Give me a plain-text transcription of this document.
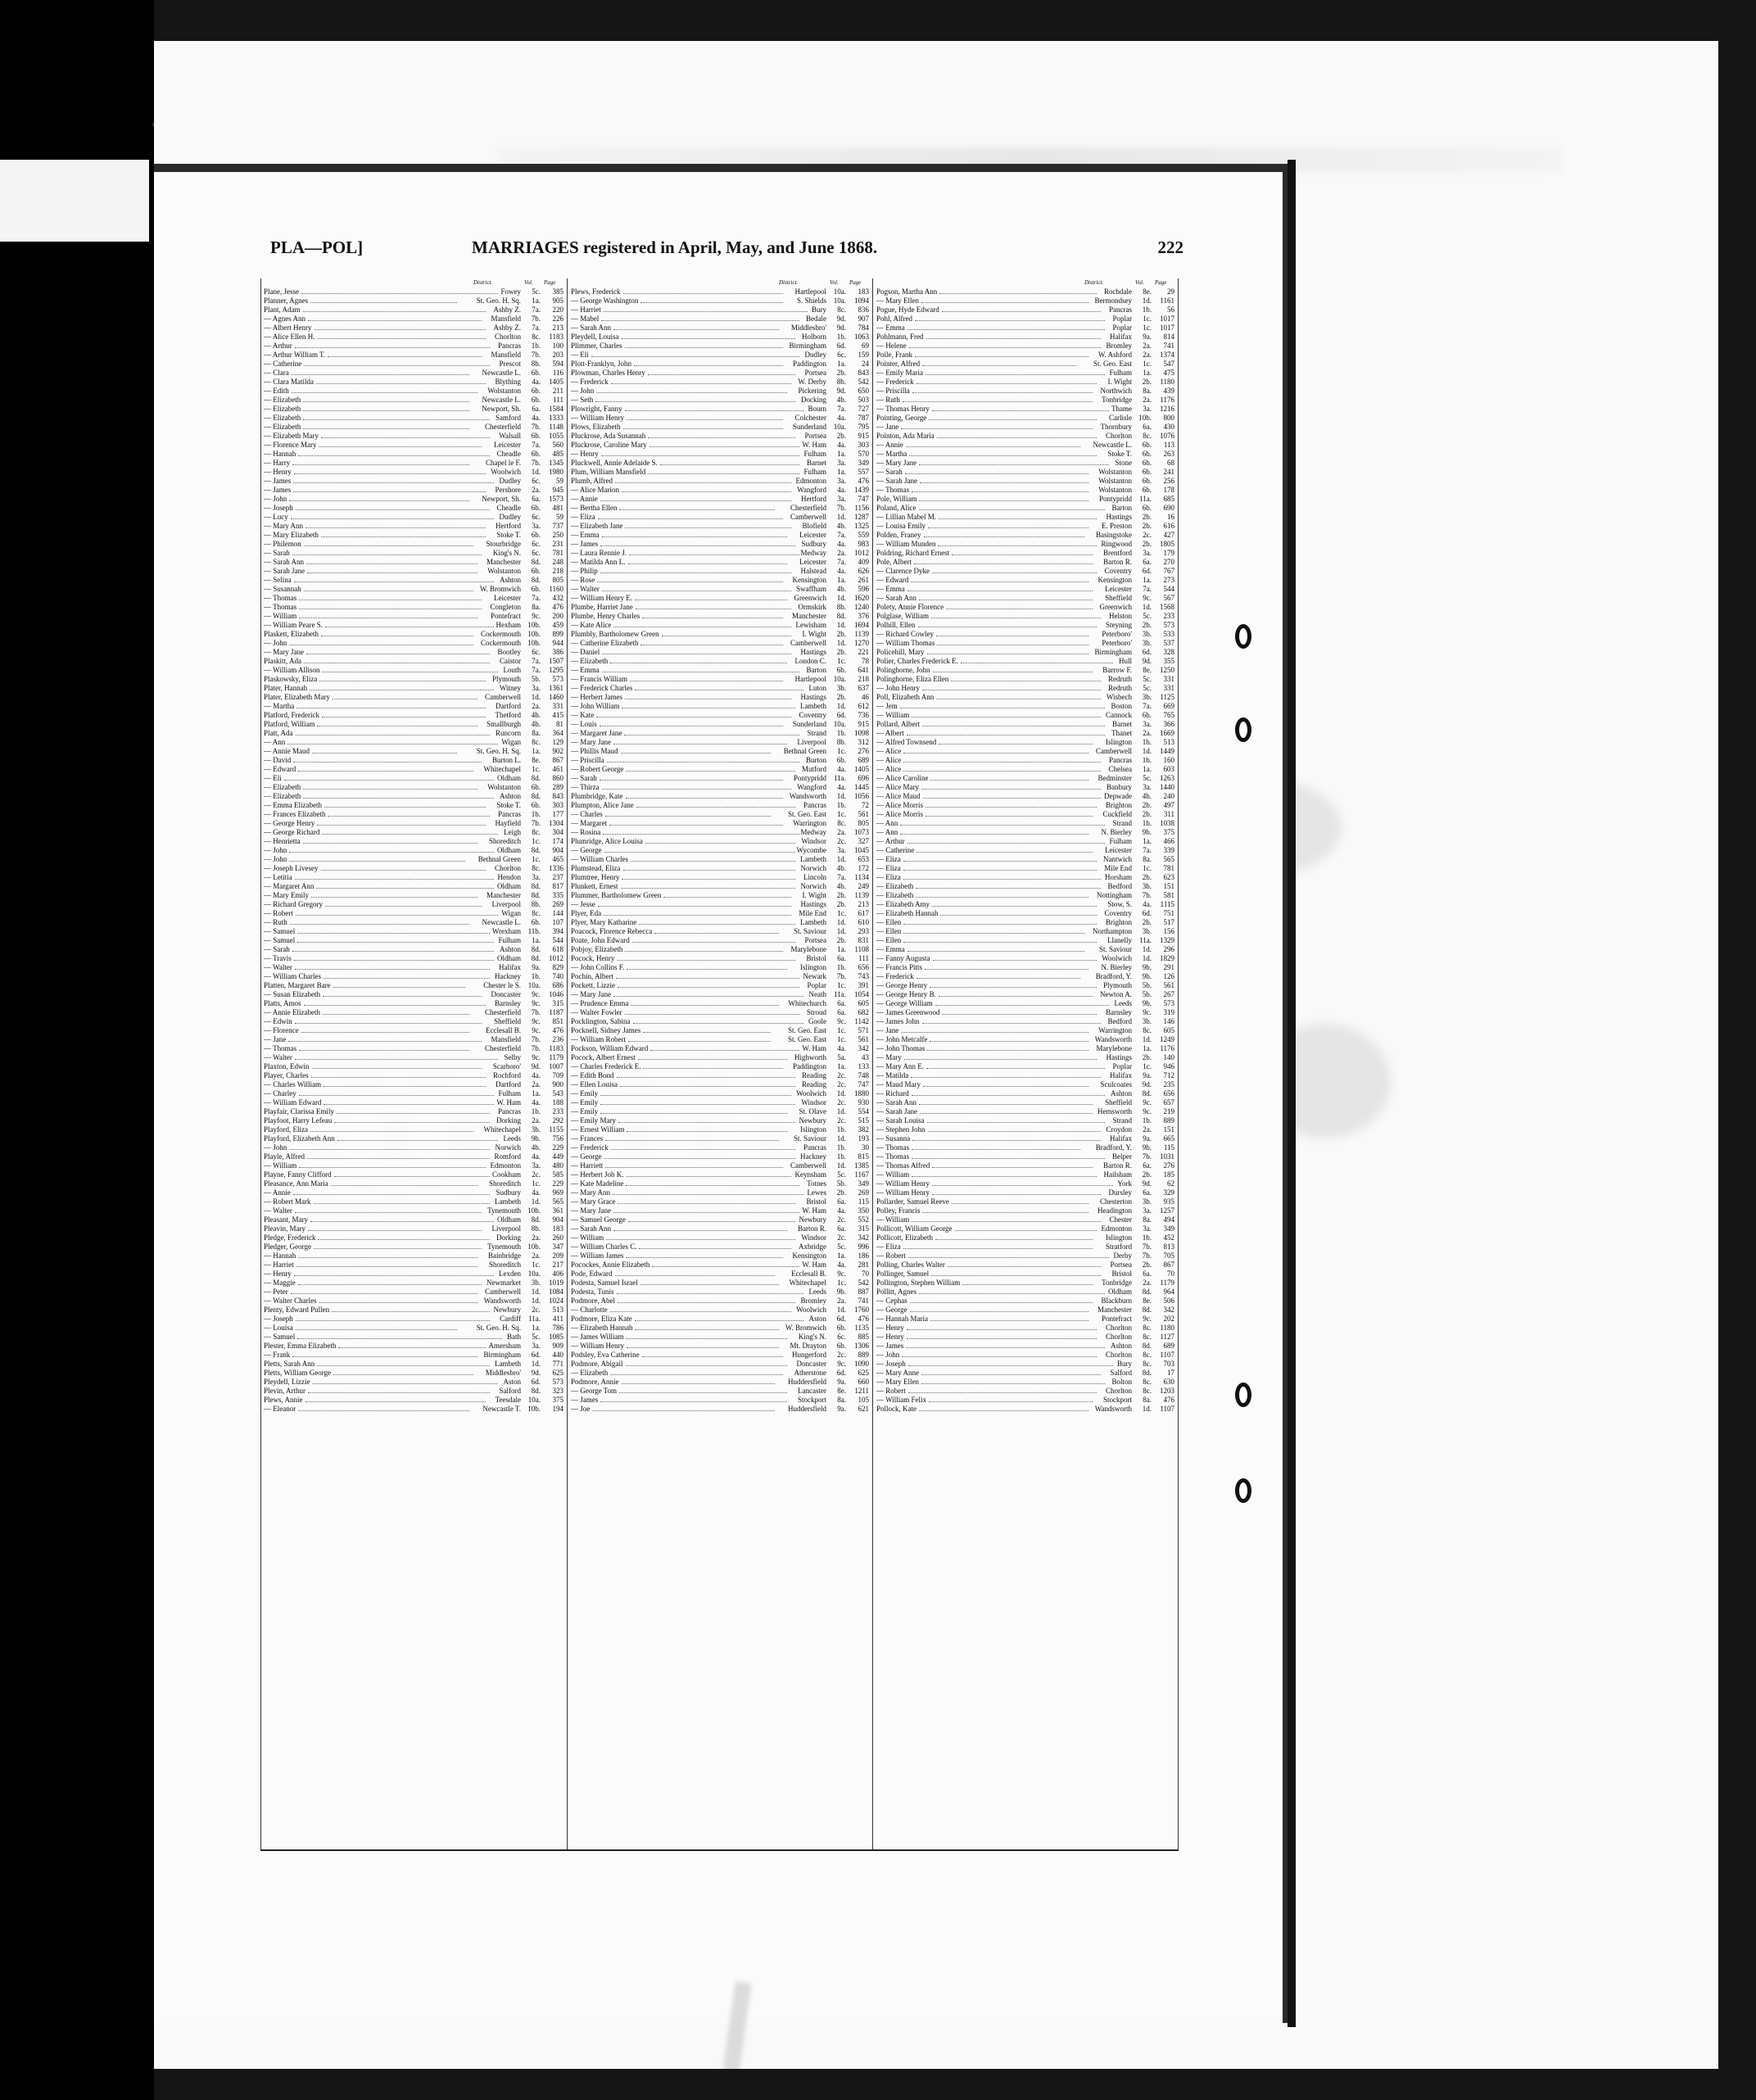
PLA—POL]	MARRIAGES registered in April, May, and June 1868.	222
District.	Vol. Page
Plane, Jesse	Fowey	5c.	385
Planner, Agnes	St. Geo. H. Sq.	1a.	905
Plant, Adam	Ashby Z.	7a.	220
— Agnes Ann	Mansfield	7b.	226
— Albert Henry	Ashby Z.	7a.	213
— Alice Ellen H.	Chorlton	8c.	1183
— Arthur	Pancras	1b.	100
— Arthur William T.	Mansfield	7b.	203
— Catherine	Prescot	8b.	594
— Clara	Newcastle L.	6b.	116
— Clara Matilda	Blything	4a.	1405
— Edith	Wolstanton	6b.	211
— Elizabeth	Newcastle L.	6b.	111
— Elizabeth	Newport, Sh.	6a.	1584
— Elizabeth	Samford	4a.	1333
— Elizabeth	Chesterfield	7b.	1148
— Elizabeth Mary	Walsall	6b.	1055
— Florence Mary	Leicester	7a.	560
— Hannah	Cheadle	6b.	485
— Harry	Chapel le F.	7b.	1345
— Henry	Woolwich	1d.	1980
— James	Dudley	6c.	59
— James	Pershore	2a.	945
— John	Newport, Sh.	6a.	1573
— Joseph	Cheadle	6b.	481
— Lucy	Dudley	6c.	59
— Mary Ann	Hertford	3a.	737
— Mary Elizabeth	Stoke T.	6b.	250
— Philemon	Stourbridge	6c.	231
— Sarah	King's N.	6c.	781
— Sarah Ann	Manchester	8d.	248
— Sarah Jane	Wolstanton	6b.	218
— Selina	Ashton	8d.	805
— Susannah	W. Bromwich	6b.	1160
— Thomas	Leicester	7a.	432
— Thomas	Congleton	8a.	476
— William	Pontefract	9c.	200
— William Peare S.	Hexham 10b.	459
Plaskett, Elizabeth	Cockermouth 10b.	899
— John	Cockermouth 10b.	944
— Mary Jane	Bootley	6c.	386
Plaskitt, Ada	Caistor	7a.	1507
— William Allison	Louth	7a.	1295
Plaskowsky, Eliza	Plymouth	5b.	573
Plater, Hannah	Witney	3a.	1361
Plater, Elizabeth Mary	Camberwell	1d.	1460
— Martha	Dartford	2a.	331
Platford, Frederick	Thetford	4b.	415
Platford, William	Smallburgh	4b.	81
Platt, Ada	Runcorn	8a.	364
— Ann	Wigan	8c.	129
— Annie Maud	St. Geo. H. Sq.	1a.	902
— David	Burton L.	8e.	867
— Edward	Whitechapel	1c.	461
— Eli	Oldham	8d.	860
— Elizabeth	Wolstanton	6b.	289
— Elizabeth	Ashton	8d.	843
— Emma Elizabeth	Stoke T.	6b.	303
— Frances Elizabeth	Pancras	1b.	177
— George Henry	Hayfield	7b.	1304
— George Richard	Leigh	8c.	304
— Henrietta	Shoreditch	1c.	174
— John	Oldham	8d.	904
— John	Bethnal Green	1c.	465
— Joseph Livesey	Chorlton	8c.	1336
— Letitia	Hendon	3a.	237
— Margaret Ann	Oldham	8d.	817
— Mary Emily	Manchester	8d.	335
— Richard Gregory	Liverpool	8b.	269
— Robert	Wigan	8c.	144
— Ruth	Newcastle L.	6b.	107
— Samuel	Wrexham 11b.	394
— Samuel	Fulham	1a.	544
— Sarah	Ashton	8d.	618
— Travis	Oldham	8d.	1012
— Walter	Halifax	9a.	829
— William Charles	Hackney	1b.	740
Platten, Margaret Bare	Chester le S. 10a.	686
— Susan Elizabeth	Doncaster	9c.	1046
Platts, Amos	Barnsley	9c.	315
— Annie Elizabeth	Chesterfield	7b.	1187
— Edwin	Sheffield	9c.	851
— Florence	Ecclesall B.	9c.	476
— Jane	Mansfield	7b.	236
— Thomas	Chesterfield	7b.	1183
— Walter	Selby	9c.	1179
Plaxton, Edwin	Scarboro'	9d.	1007
Player, Charles	Rochford	4a.	709
— Charles William	Dartford	2a.	900
— Charley	Fulham	1a.	543
— William Edward	W. Ham	4a.	188
Playfair, Clarissa Emily	Pancras	1b.	233
Playfoot, Harry Lefeau	Dorking	2a.	292
Playford, Eliza	Whitechapel	3b.	1155
Playford, Elizabeth Ann	Leeds	9b.	756
— John	Norwich	4b.	229
Playle, Alfred	Romford	4a.	449
— William	Edmonton	3a.	480
Playne, Fanny Clifford	Cookham	2c.	585
Pleasance, Ann Maria	Shoreditch	1c.	229
— Annie	Sudbury	4a.	969
— Robert Mark	Lambeth	1d.	565
— Walter	Tynemouth 10b.	361
Pleasant, Mary	Oldham	8d.	904
Pleavin, Mary	Liverpool	8b.	183
Pledge, Frederick	Dorking	2a.	260
Pledger, George	Tynemouth 10b.	347
— Hannah	Bainbridge	2a.	209
— Harriet	Shoreditch	1c.	217
— Henry	Lexden 10a.	406
— Maggie	Newmarket	3b.	1019
— Peter	Camberwell	1d.	1084
— Walter Charles	Wandsworth	1d.	1024
Plenty, Edward Pullen	Newbury	2c.	513
— Joseph	Cardiff	11a.	411
— Louisa	St. Geo. H. Sq.	1a.	786
— Samuel	Bath	5c.	1085
Plester, Emma Elizabeth	Amersham	3a.	909
— Frank	Birmingham	6d.	440
Pletts, Sarah Ann	Lambeth	1d.	771
Pletts, William George	Middlesbro'	9d.	625
Pleydell, Lizzie	Aston	6d.	573
Plevin, Arthur	Salford	8d.	323
Plews, Annie	Teesdale 10a.	375
— Eleanor	Newcastle T. 10b.	194
District.	Vol. Page
Plews, Frederick	Hartlepool 10a.	183
— George Washington	S. Shields 10a.	1094
— Harriet	Bury	8c.	836
— Mabel	Bedale	9d.	907
— Sarah Ann	Middlesbro'	9d.	784
Pleydell, Louisa	Holborn	1b.	1063
Plimmer, Charles	Birmingham	6d.	69
— Eli	Dudley	6c.	159
Plott-Franklyn, John	Paddington	1a.	24
Plowman, Charles Henry	Portsea	2b.	843
— Frederick	W. Derby	8b.	542
— John	Pickering	9d.	650
— Seth	Docking	4b.	503
Plowright, Fanny	Bourn	7a.	727
— William Henry	Colchester	4a.	787
Plows, Elizabeth	Sunderland 10a.	795
Pluckrose, Ada Susannah	Portsea	2b.	915
Pluckrose, Caroline Mary	W. Ham	4a.	303
— Henry	Fulham	1a.	570
Pluckwell, Annie Adelaide S.	Barnet	3a.	349
Plum, William Mansfield	Fulham	1a.	557
Plumb, Alfred	Edmonton	3a.	476
— Alice Marion	Wangford	4a.	1439
— Annie	Hertford	3a.	747
— Bertha Ellen	Chesterfield	7b.	1156
— Eliza	Camberwell	1d.	1287
— Elizabeth Jane	Blofield	4b.	1325
— Emma	Leicester	7a.	559
— James	Sudbury	4a.	983
— Laura Rennie J.	Medway	2a.	1012
— Matilda Ann L.	Leicester	7a.	409
— Philip	Halstead	4a.	626
— Rose	Kensington	1a.	261
— Walter	Swaffham	4b.	596
— William Henry E.	Greenwich	1d.	1620
Plumbe, Harriet Jane	Ormskirk	8b.	1240
Plumbe, Henry Charles	Manchester	8d.	376
— Kate Alice	Lewisham	1d.	1694
Plumbly, Bartholomew Green	I. Wight	2b.	1139
— Catherine Elizabeth	Camberwell	1d.	1270
— Daniel	Hastings	2b.	221
— Elizabeth	London C.	1c.	78
— Emma	Barton	6b.	641
— Francis William	Hartlepool 10a.	218
— Frederick Charles	Luton	3b.	637
— Herbert James	Hastings	2b.	46
— John William	Lambeth	1d.	612
— Kate	Coventry	6d.	736
— Louis	Sunderland 10a.	915
— Margaret Jane	Strand	1b.	1098
— Mary Jane	Liverpool	8b.	312
— Phillis Maud	Bethnal Green	1c.	276
— Priscilla	Burton	6b.	689
— Robert George	Mutford	4a.	1405
— Sarah	Pontypridd	11a.	696
— Thirza	Wangford	4a.	1445
Plumbridge, Kate	Wandsworth	1d.	1056
Plumpton, Alice Jane	Pancras	1b.	72
— Charles	St. Geo. East	1c.	561
— Margaret	Warrington	8c.	805
— Rosina	Medway	2a.	1073
Plumridge, Alice Louisa	Windsor	2c.	327
— George	Wycombe	3a.	1045
— William Charles	Lambeth	1d.	653
Plumstead, Eliza	Norwich	4b.	172
Plumtree, Henry	Lincoln	7a.	1134
Plunkett, Ernest	Norwich	4b.	249
Plummer, Bartholomew Green	I. Wight	2b.	1139
— Jesse	Hastings	2b.	213
Plyer, Eda	Mile End	1c.	617
Plyer, Mary Katharine	Lambeth	1d.	610
Poacock, Florence Rebecca	St. Saviour	1d.	293
Poate, John Edward	Portsea	2b.	831
Pobjoy, Elizabeth	Marylebone	1a.	1108
Pocock, Henry	Bristol	6a.	111
— John Collins F.	Islington	1b.	656
Pochin, Albert	Newark	7b.	743
Pockett, Lizzie	Poplar	1c.	391
— Mary Jane	Neath	11a.	1054
— Prudence Emma	Whitechurch	6a.	605
— Walter Fowler	Stroud	6a.	682
Pocklington, Sabina	Goole	9c.	1142
Pocknell, Sidney James	St. Geo. East	1c.	571
— William Robert	St. Geo. East	1c.	561
Pockson, William Edward	W. Ham	4a.	342
Pocock, Albert Ernest	Highworth	5a.	43
— Charles Frederick E.	Paddington	1a.	133
— Edith Bond	Reading	2c.	748
— Ellen Louisa	Reading	2c.	747
— Emily	Woolwich	1d.	1880
— Emily	Windsor	2c.	930
— Emily	St. Olave	1d.	554
— Emily Mary	Newbury	2c.	515
— Ernest William	Islington	1b.	382
— Frances	St. Saviour	1d.	193
— Frederick	Pancras	1b.	30
— George	Hackney	1b.	815
— Harriett	Camberwell	1d.	1385
— Herbert Job K.	Keynsham	5c.	1167
— Kate Madeline	Totnes	5b.	349
— Mary Ann	Lewes	2b.	269
— Mary Grace	Bristol	6a.	115
— Mary Jane	W. Ham	4a.	350
— Samuel George	Newbury	2c.	552
— Sarah Ann	Barton R.	6a.	315
— William	Windsor	2c.	342
— William Charles C.	Axbridge	5c.	996
— William James	Kensington	1a.	186
Pocockes, Annie Elizabeth	W. Ham	4a.	281
Pode, Edward	Ecclesall B.	9c.	70
Podesta, Samuel Israel	Whitechapel	1c.	542
Podesta, Tunis	Leeds	9b.	887
Podmore, Abel	Bromley	2a.	741
— Charlotte	Woolwich	1d.	1760
Podmore, Eliza Kate	Aston	6d.	476
— Elizabeth Hannah	W. Bromwich	6b.	1135
— James William	King's N.	6c.	885
— William Henry	Mt. Drayton	6b.	1306
Podsley, Eva Catherine	Hungerford	2c.	889
Podmore, Abigail	Doncaster	9c.	1090
— Elizabeth	Atherstone	6d.	625
Podmore, Annie	Huddersfield	9a.	660
— George Tom	Lancaster	8e.	1211
— James	Stockport	8a.	105
— Joe	Huddersfield	9a.	621
District.	Vol. Page
Pogson, Martha Ann	Rochdale	8e.	29
— Mary Ellen	Bermondsey	1d.	1161
Pogue, Hyde Edward	Pancras	1b.	56
Pohl, Alfred	Poplar	1c.	1017
— Emma	Poplar	1c.	1017
Pohlmann, Fred	Halifax	9a.	814
— Helene	Bromley	2a.	741
Poile, Frank	W. Ashford	2a.	1374
Pointer, Alfred	St. Geo. East	1c.	547
— Emily Maria	Fulham	1a.	475
— Frederick	I. Wight	2b.	1180
— Priscilla	Northwich	8a.	439
— Ruth	Tonbridge	2a.	1176
— Thomas Henry	Thame	3a.	1216
Pointing, George	Carlisle 10b.	800
— Jane	Thornbury	6a.	430
Pointon, Ada Maria	Chorlton	8c.	1076
— Annie	Newcastle L.	6b.	113
— Martha	Stoke T.	6b.	263
— Mary Jane	Stone	6b.	68
— Sarah	Wolstanton	6b.	241
— Sarah Jane	Wolstanton	6b.	256
— Thomas	Wolstanton	6b.	178
Pole, William	Pontypridd	11a.	685
Poland, Alice	Barton	6b.	690
— Lillian Mabel M.	Hastings	2b.	16
— Louisa Emily	E. Preston	2b.	616
Polden, Franey	Basingstoke	2c.	427
— William Munden	Ringwood	2b.	1805
Poldring, Richard Ernest	Brentford	3a.	179
Pole, Albert	Barton R.	6a.	270
— Clarence Dyke	Coventry	6d.	767
— Edward	Kensington	1a.	273
— Emma	Leicester	7a.	544
— Sarah Ann	Sheffield	9c.	567
Polety, Annie Florence	Greenwich	1d.	1568
Polglase, William	Helston	5c.	233
Polhill, Ellen	Steyning	2b.	573
— Richard Cowley	Peterboro'	3b.	533
— William Thomas	Peterboro'	3b.	537
Policehill, Mary	Birmingham	6d.	328
Polier, Charles Frederick E.	Hull	9d.	355
Polinghorne, John	Barrow F.	8e.	1250
Polinghorne, Eliza Ellen	Redruth	5c.	331
— John Henry	Redruth	5c.	331
Poll, Elizabeth Ann	Wisbech	3b.	1125
— Jem	Boston	7a.	669
— William	Cannock	6b.	765
Pollard, Albert	Barnet	3a.	366
— Albert	Thanet	2a.	1669
— Alfred Townsend	Islington	1b.	513
— Alice	Camberwell	1d.	1449
— Alice	Pancras	1b.	160
— Alice	Chelsea	1a.	603
— Alice Caroline	Bedminster	5c.	1263
— Alice Mary	Banbury	3a.	1440
— Alice Maud	Depwade	4b.	240
— Alice Morris	Brighton	2b.	497
— Alice Morris	Cuckfield	2b.	311
— Ann	Strand	1b.	1038
— Ann	N. Bierley	9b.	375
— Arthur	Fulham	1a.	466
— Catherine	Leicester	7a.	339
— Eliza	Nantwich	8a.	565
— Eliza	Mile End	1c.	781
— Eliza	Horsham	2b.	623
— Elizabeth	Bedford	3b.	151
— Elizabeth	Nottingham	7b.	581
— Elizabeth Amy	Stow, S.	4a.	1115
— Elizabeth Hannah	Coventry	6d.	751
— Ellen	Brighton	2b.	517
— Ellen	Northampton	3b.	156
— Ellen	Llanelly	11a.	1329
— Emma	St. Saviour	1d.	296
— Fanny Augusta	Woolwich	1d.	1829
— Francis Pitts	N. Bierley	9b.	291
— Frederick	Bradford, Y.	9b.	126
— George Henry	Plymouth	5b.	561
— George Henry B.	Newton A.	5b.	267
— George William	Leeds	9b.	573
— James Greenwood	Barnsley	9c.	319
— James John	Bedford	3b.	146
— Jane	Warrington	8c.	605
— John Metcalfe	Wandsworth	1d.	1249
— John Thomas	Marylebone	1a.	1176
— Mary	Hastings	2b.	140
— Mary Ann E.	Poplar	1c.	946
— Matilda	Halifax	9a.	712
— Maud Mary	Sculcoates	9d.	235
— Richard	Ashton	8d.	656
— Sarah Ann	Sheffield	9c.	657
— Sarah Jane	Hemsworth	9c.	219
— Sarah Louisa	Strand	1b.	889
— Stephen John	Croydon	2a.	151
— Susanna	Halifax	9a.	665
— Thomas	Bradford, Y.	9b.	115
— Thomas	Belper	7b.	1031
— Thomas Alfred	Barton R.	6a.	276
— William	Hailsham	2b.	185
— William Henry	York	9d.	62
— William Henry	Dursley	6a.	329
Pollarder, Samuel Reeve	Chesterton	3b.	935
Polley, Francis	Headington	3a.	1257
— William	Chester	8a.	494
Pollicott, William George	Edmonton	3a.	349
Pollicott, Elizabeth	Islington	1b.	452
— Eliza	Stratford	7b.	813
— Robert	Derby	7b.	705
Polling, Charles Walter	Portsea	2b.	867
Pollinger, Samuel	Bristol	6a.	70
Pollington, Stephen William	Tonbridge	2a.	1179
Pollitt, Agnes	Oldham	8d.	964
— Cephas	Blackburn	8e.	506
— George	Manchester	8d.	342
— Hannah Maria	Pontefract	9c.	202
— Henry	Chorlton	8c.	1180
— Henry	Chorlton	8c.	1127
— James	Ashton	8d.	689
— John	Chorlton	8c.	1107
— Joseph	Bury	8c.	703
— Mary Anne	Salford	8d.	17
— Mary Ellen	Bolton	8c.	630
— Robert	Chorlton	8c.	1203
— William Felix	Stockport	8a.	476
Pollock, Kate	Wandsworth	1d.	1107
